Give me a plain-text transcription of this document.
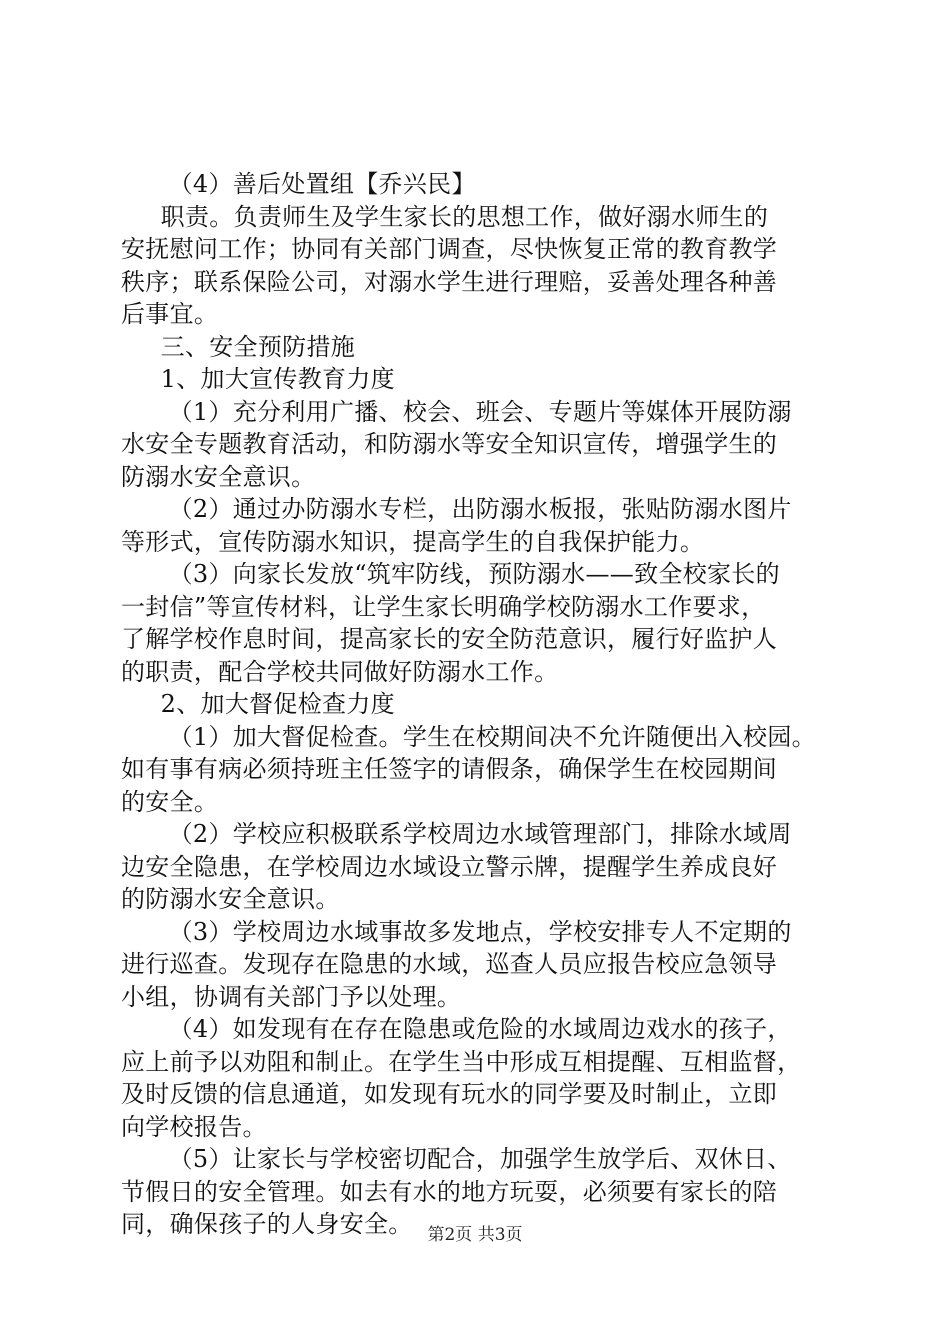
（4）善后处置组【乔兴民】
职责。负责师生及学生家长的思想工作，做好溺水师生的
安抚慰问工作；协同有关部门调查，尽快恢复正常的教育教学
秩序；联系保险公司，对溺水学生进行理赔，妥善处理各种善
后事宜。
三、安全预防措施
1、加大宣传教育力度
（1）充分利用广播、校会、班会、专题片等媒体开展防溺
水安全专题教育活动，和防溺水等安全知识宣传，增强学生的
防溺水安全意识。
（2）通过办防溺水专栏，出防溺水板报，张贴防溺水图片
等形式，宣传防溺水知识，提高学生的自我保护能力。
（3）向家长发放“筑牢防线，预防溺水——致全校家长的
一封信”等宣传材料，让学生家长明确学校防溺水工作要求，
了解学校作息时间，提高家长的安全防范意识，履行好监护人
的职责，配合学校共同做好防溺水工作。
2、加大督促检查力度
（1）加大督促检查。学生在校期间决不允许随便出入校园。
如有事有病必须持班主任签字的请假条，确保学生在校园期间
的安全。
（2）学校应积极联系学校周边水域管理部门，排除水域周
边安全隐患，在学校周边水域设立警示牌，提醒学生养成良好
的防溺水安全意识。
（3）学校周边水域事故多发地点，学校安排专人不定期的
进行巡查。发现存在隐患的水域，巡查人员应报告校应急领导
小组，协调有关部门予以处理。
（4）如发现有在存在隐患或危险的水域周边戏水的孩子，
应上前予以劝阻和制止。在学生当中形成互相提醒、互相监督，
及时反馈的信息通道，如发现有玩水的同学要及时制止，立即
向学校报告。
（5）让家长与学校密切配合，加强学生放学后、双休日、
节假日的安全管理。如去有水的地方玩耍，必须要有家长的陪
同，确保孩子的人身安全。 第2页 共3页
